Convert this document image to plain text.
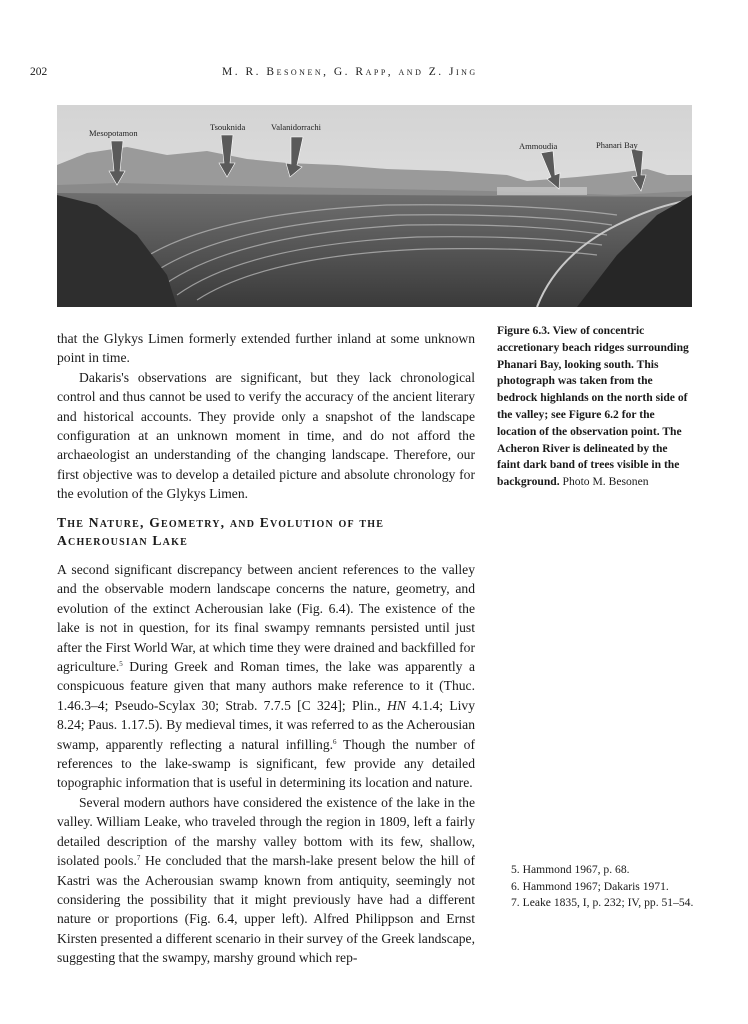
202	M. R. Besonen, G. Rapp, and Z. Jing
Mesopotamon
Tsouknida	Valanidorrachi
Ammoudia	Phanari Bay
Figure 6.3. View of concentric accretionary beach ridges surrounding Phanari Bay, looking south. This photograph was taken from the bedrock highlands on the north side of the valley; see Figure 6.2 for the location of the observation point. The Acheron River is delineated by the faint dark band of trees visible in the background. Photo M. Besonen

that the Glykys Limen formerly extended further inland at some unknown point in time.

Dakaris's observations are significant, but they lack chronological control and thus cannot be used to verify the accuracy of the ancient literary and historical accounts. They provide only a snapshot of the landscape configuration at an unknown moment in time, and do not afford the archaeologist an understanding of the changing landscape. Therefore, our first objective was to develop a detailed picture and absolute chronology for the evolution of the Glykys Limen.

The Nature, Geometry, and Evolution of the Acherousian Lake

A second significant discrepancy between ancient references to the valley and the observable modern landscape concerns the nature, geometry, and evolution of the extinct Acherousian lake (Fig. 6.4). The existence of the lake is not in question, for its final swampy remnants persisted until just after the First World War, at which time they were drained and backfilled for agriculture.$^5$ During Greek and Roman times, the lake was apparently a conspicuous feature given that many authors make reference to it (Thuc. 1.46.3–4; Pseudo-Scylax 30; Strab. 7.7.5 [C 324]; Plin., HN 4.1.4; Livy 8.24; Paus. 1.17.5). By medieval times, it was referred to as the Acherousian swamp, apparently reflecting a natural infilling.$^6$ Though the number of references to the lake-swamp is significant, few provide any detailed topographic information that is useful in determining its location and nature.

Several modern authors have considered the existence of the lake in the valley. William Leake, who traveled through the region in 1809, left a fairly detailed description of the marshy valley bottom with its few, shallow, isolated pools.$^7$ He concluded that the marsh-lake present below the hill of Kastri was the Acherousian swamp known from antiquity, seemingly not considering the possibility that it might previously have had a different nature or proportions (Fig. 6.4, upper left). Alfred Philippson and Ernst Kirsten presented a different scenario in their survey of the Greek landscape, suggesting that the swampy, marshy ground which rep-

5. Hammond 1967, p. 68.

6. Hammond 1967; Dakaris 1971.

7. Leake 1835, I, p. 232; IV, pp. 51–54.
